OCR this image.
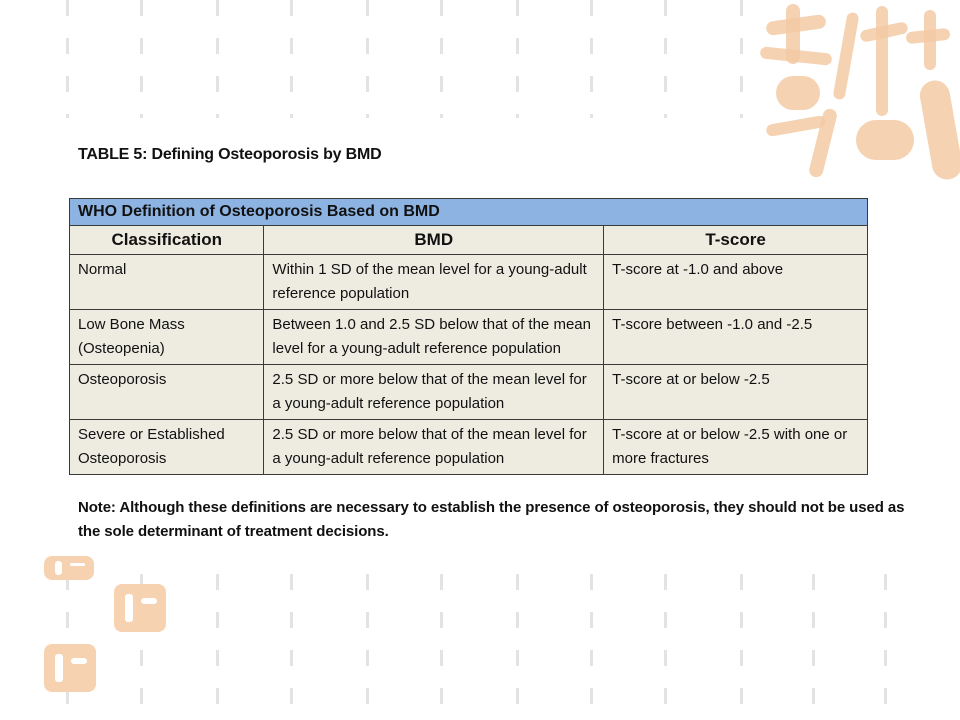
TABLE 5: Defining Osteoporosis by BMD
WHO Definition of Osteoporosis Based on BMD		
Classification	BMD	T-score
Normal	Within 1 SD of the mean level for a young-adult reference population	T-score at -1.0 and above
Low Bone Mass (Osteopenia)	Between 1.0 and 2.5 SD below that of the mean level for a young-adult reference population	T-score between -1.0 and -2.5
Osteoporosis	2.5 SD or more below that of the mean level for a young-adult reference population	T-score at or below -2.5
Severe or Established Osteoporosis	2.5 SD or more below that of the mean level for a young-adult reference population	T-score at or below -2.5 with one or more fractures
Note: Although these definitions are necessary to establish the presence of osteoporosis, they should not be used as the sole determinant of treatment decisions.
